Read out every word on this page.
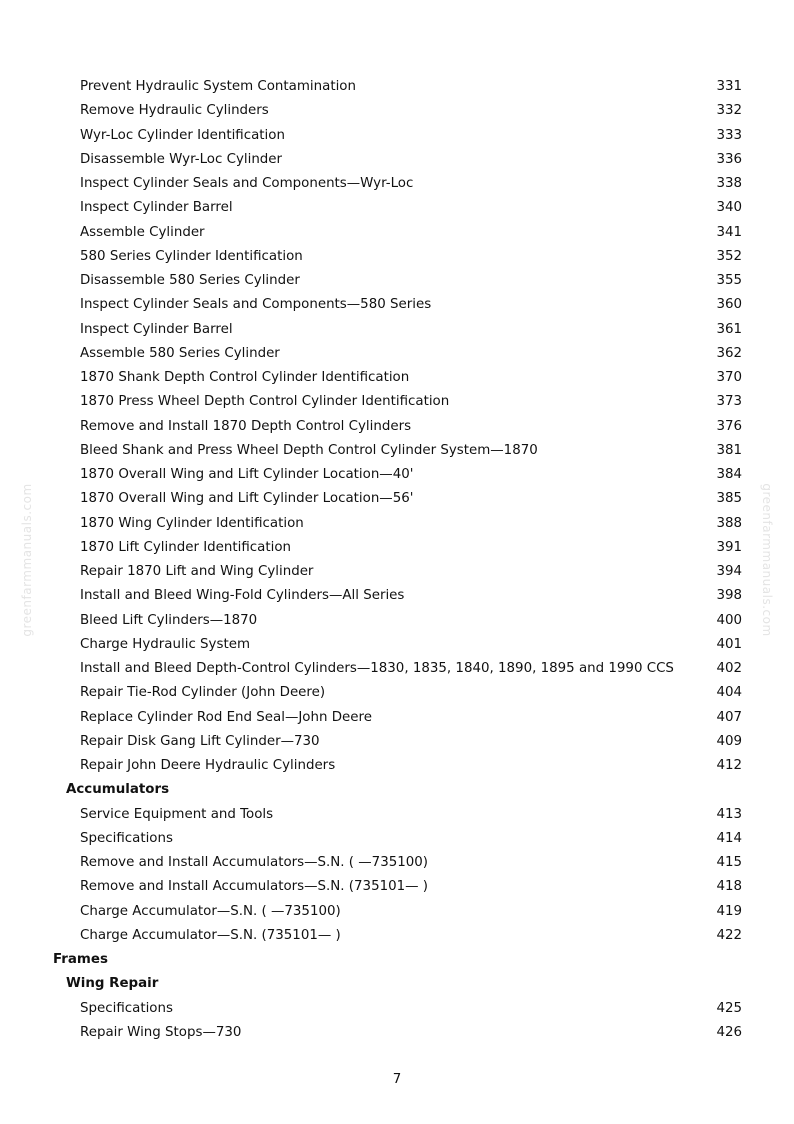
greenfarmmanuals.com	greenfarmmanuals.com
Prevent Hydraulic System Contamination	331
Remove Hydraulic Cylinders	332
Wyr-Loc Cylinder Identification	333
Disassemble Wyr-Loc Cylinder	336
Inspect Cylinder Seals and Components—Wyr-Loc	338
Inspect Cylinder Barrel	340
Assemble Cylinder	341
580 Series Cylinder Identification	352
Disassemble 580 Series Cylinder	355
Inspect Cylinder Seals and Components—580 Series	360
Inspect Cylinder Barrel	361
Assemble 580 Series Cylinder	362
1870 Shank Depth Control Cylinder Identification	370
1870 Press Wheel Depth Control Cylinder Identification	373
Remove and Install 1870 Depth Control Cylinders	376
Bleed Shank and Press Wheel Depth Control Cylinder System—1870	381
1870 Overall Wing and Lift Cylinder Location—40'	384
1870 Overall Wing and Lift Cylinder Location—56'	385
1870 Wing Cylinder Identification	388
1870 Lift Cylinder Identification	391
Repair 1870 Lift and Wing Cylinder	394
Install and Bleed Wing-Fold Cylinders—All Series	398
Bleed Lift Cylinders—1870	400
Charge Hydraulic System	401
Install and Bleed Depth-Control Cylinders—1830, 1835, 1840, 1890, 1895 and 1990 CCS	402
Repair Tie-Rod Cylinder (John Deere)	404
Replace Cylinder Rod End Seal—John Deere	407
Repair Disk Gang Lift Cylinder—730	409
Repair John Deere Hydraulic Cylinders	412
Accumulators
Service Equipment and Tools	413
Specifications	414
Remove and Install Accumulators—S.N. ( —735100)	415
Remove and Install Accumulators—S.N. (735101— )	418
Charge Accumulator—S.N. ( —735100)	419
Charge Accumulator—S.N. (735101— )	422
Frames
Wing Repair
Specifications	425
Repair Wing Stops—730	426
7
